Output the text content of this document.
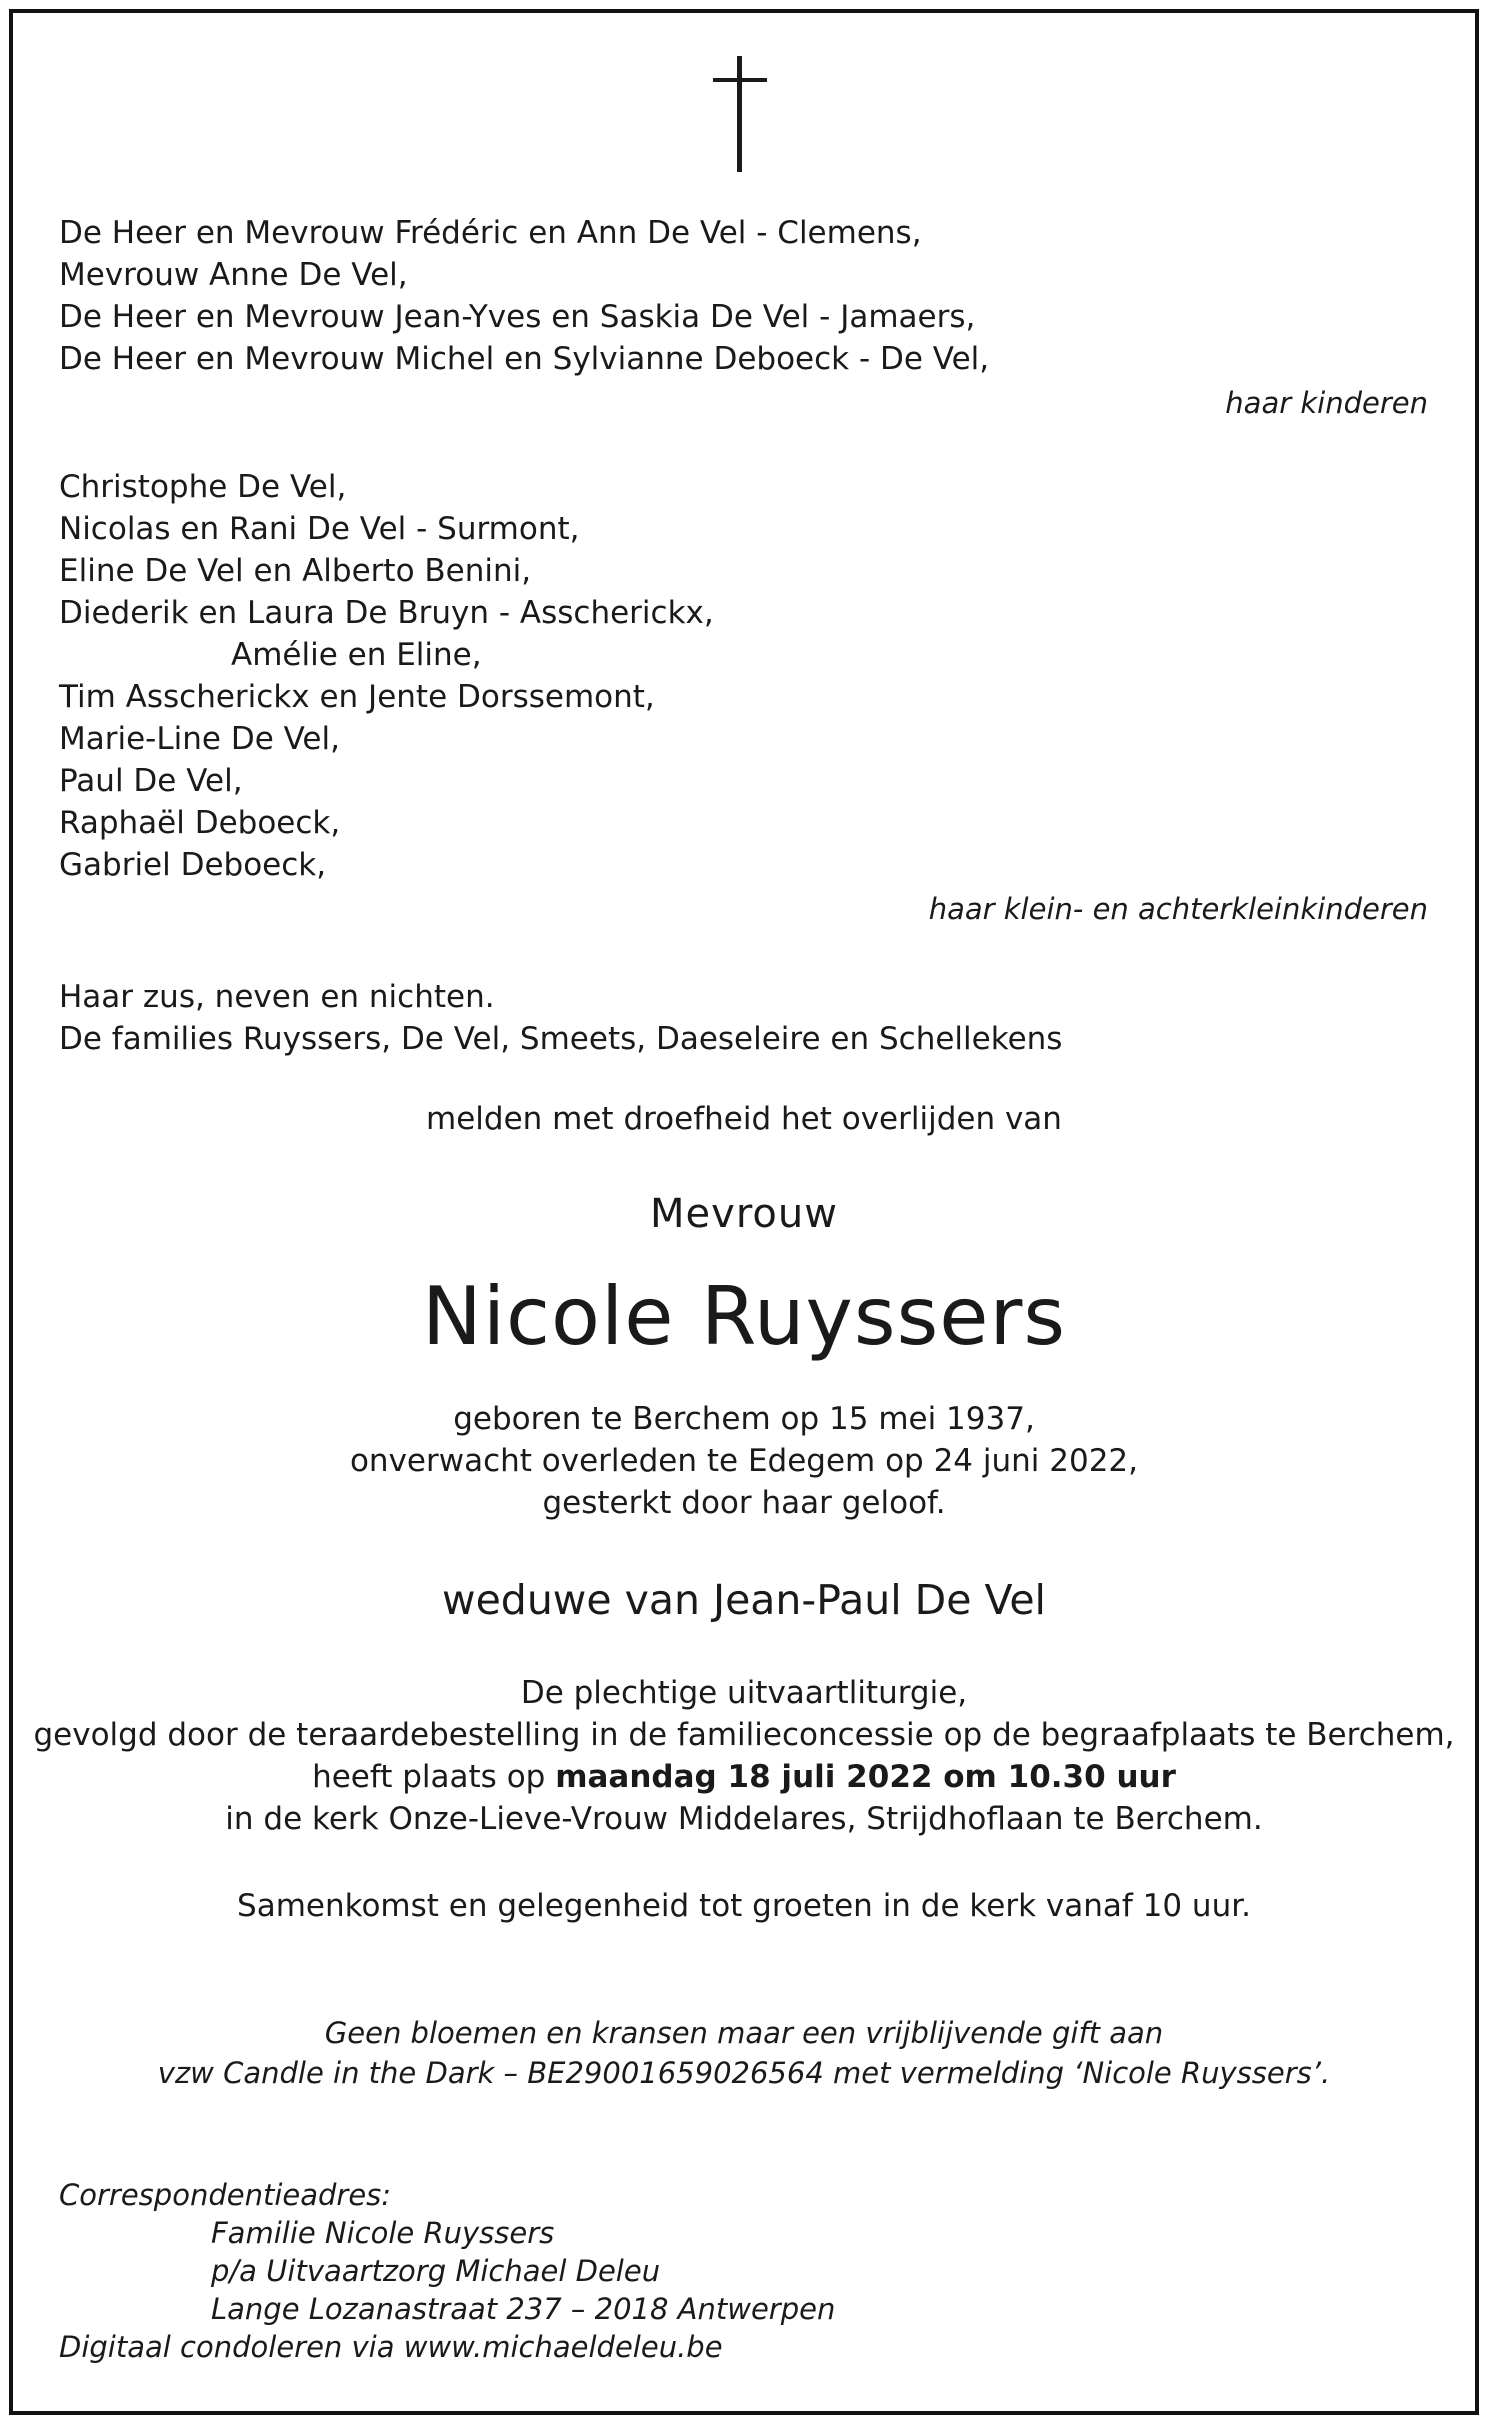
De Heer en Mevrouw Frédéric en Ann De Vel - Clemens,
Mevrouw Anne De Vel,
De Heer en Mevrouw Jean-Yves en Saskia De Vel - Jamaers,
De Heer en Mevrouw Michel en Sylvianne Deboeck - De Vel,
haar kinderen
Christophe De Vel,
Nicolas en Rani De Vel - Surmont,
Eline De Vel en Alberto Benini,
Diederik en Laura De Bruyn - Asscherickx,
Amélie en Eline,
Tim Asscherickx en Jente Dorssemont,
Marie-Line De Vel,
Paul De Vel,
Raphaël Deboeck,
Gabriel Deboeck,
haar klein- en achterkleinkinderen
Haar zus, neven en nichten.
De families Ruyssers, De Vel, Smeets, Daeseleire en Schellekens
melden met droefheid het overlijden van
Mevrouw
Nicole Ruyssers
geboren te Berchem op 15 mei 1937,
onverwacht overleden te Edegem op 24 juni 2022,
gesterkt door haar geloof.
weduwe van Jean-Paul De Vel
De plechtige uitvaartliturgie,
gevolgd door de teraardebestelling in de familieconcessie op de begraafplaats te Berchem,
heeft plaats op maandag 18 juli 2022 om 10.30 uur
in de kerk Onze-Lieve-Vrouw Middelares, Strijdhoflaan te Berchem.
Samenkomst en gelegenheid tot groeten in de kerk vanaf 10 uur.
Geen bloemen en kransen maar een vrijblijvende gift aan
vzw Candle in the Dark – BE29001659026564 met vermelding ‘Nicole Ruyssers’.
Correspondentieadres:
Familie Nicole Ruyssers
p/a Uitvaartzorg Michael Deleu
Lange Lozanastraat 237 – 2018 Antwerpen
Digitaal condoleren via www.michaeldeleu.be
